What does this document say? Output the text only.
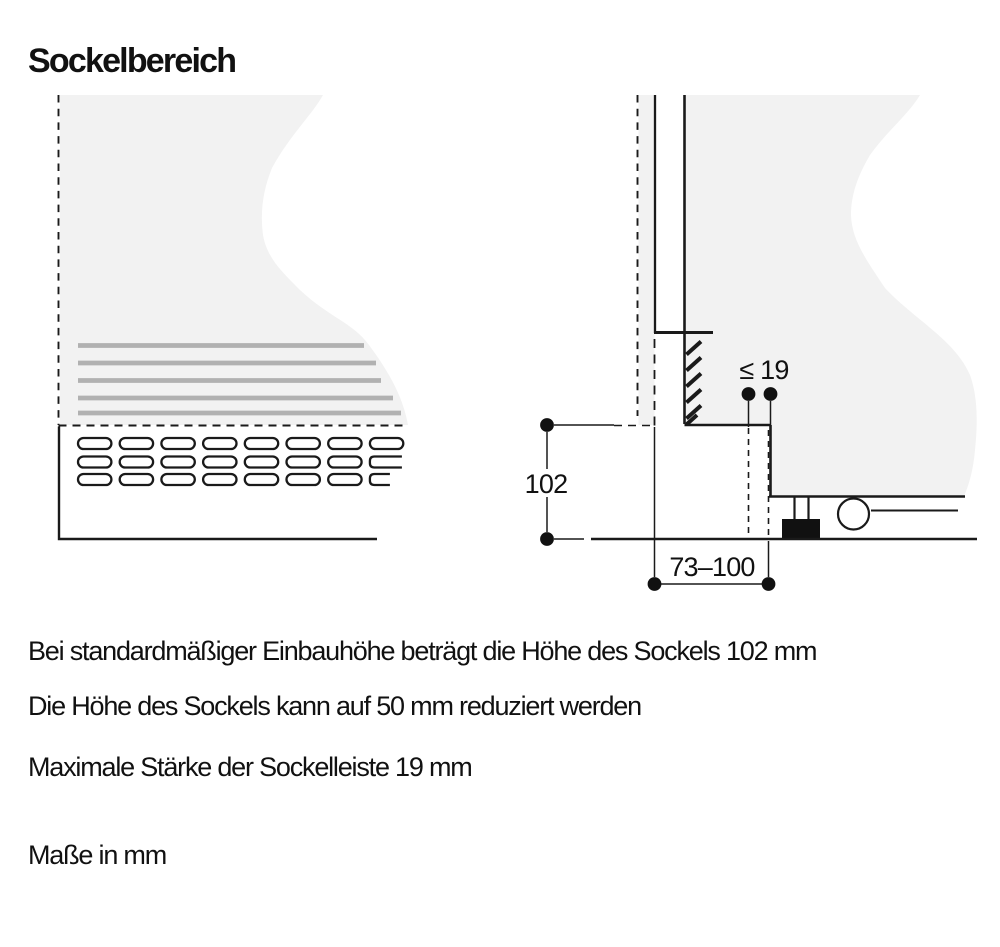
Sockelbereich
102
≤ 19
73–100
Bei standardmäßiger Einbauhöhe beträgt die Höhe des Sockels 102 mm
Die Höhe des Sockels kann auf 50 mm reduziert werden
Maximale Stärke der Sockelleiste 19 mm
Maße in mm
